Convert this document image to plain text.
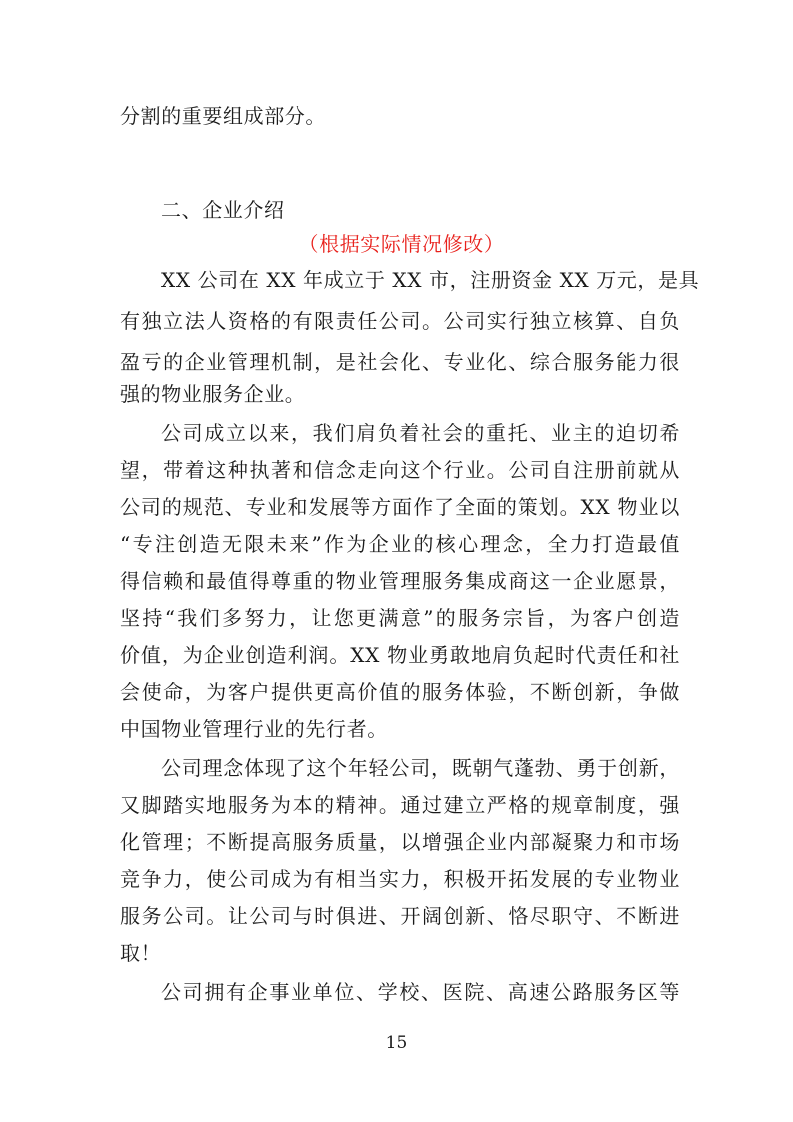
分割的重要组成部分。
二、企业介绍
（根据实际情况修改）
XX 公司在 XX 年成立于 XX 市，注册资金 XX 万元，是具
有独立法人资格的有限责任公司。公司实行独立核算、自负
盈亏的企业管理机制，是社会化、专业化、综合服务能力很
强的物业服务企业。
公司成立以来，我们肩负着社会的重托、业主的迫切希
望，带着这种执著和信念走向这个行业。公司自注册前就从
公司的规范、专业和发展等方面作了全面的策划。XX 物业以
“专注创造无限未来”作为企业的核心理念，全力打造最值
得信赖和最值得尊重的物业管理服务集成商这一企业愿景，
坚持“我们多努力，让您更满意”的服务宗旨，为客户创造
价值，为企业创造利润。XX 物业勇敢地肩负起时代责任和社
会使命，为客户提供更高价值的服务体验，不断创新，争做
中国物业管理行业的先行者。
公司理念体现了这个年轻公司，既朝气蓬勃、勇于创新，
又脚踏实地服务为本的精神。通过建立严格的规章制度，强
化管理；不断提高服务质量，以增强企业内部凝聚力和市场
竞争力，使公司成为有相当实力，积极开拓发展的专业物业
服务公司。让公司与时俱进、开阔创新、恪尽职守、不断进
取！
公司拥有企事业单位、学校、医院、高速公路服务区等
15
